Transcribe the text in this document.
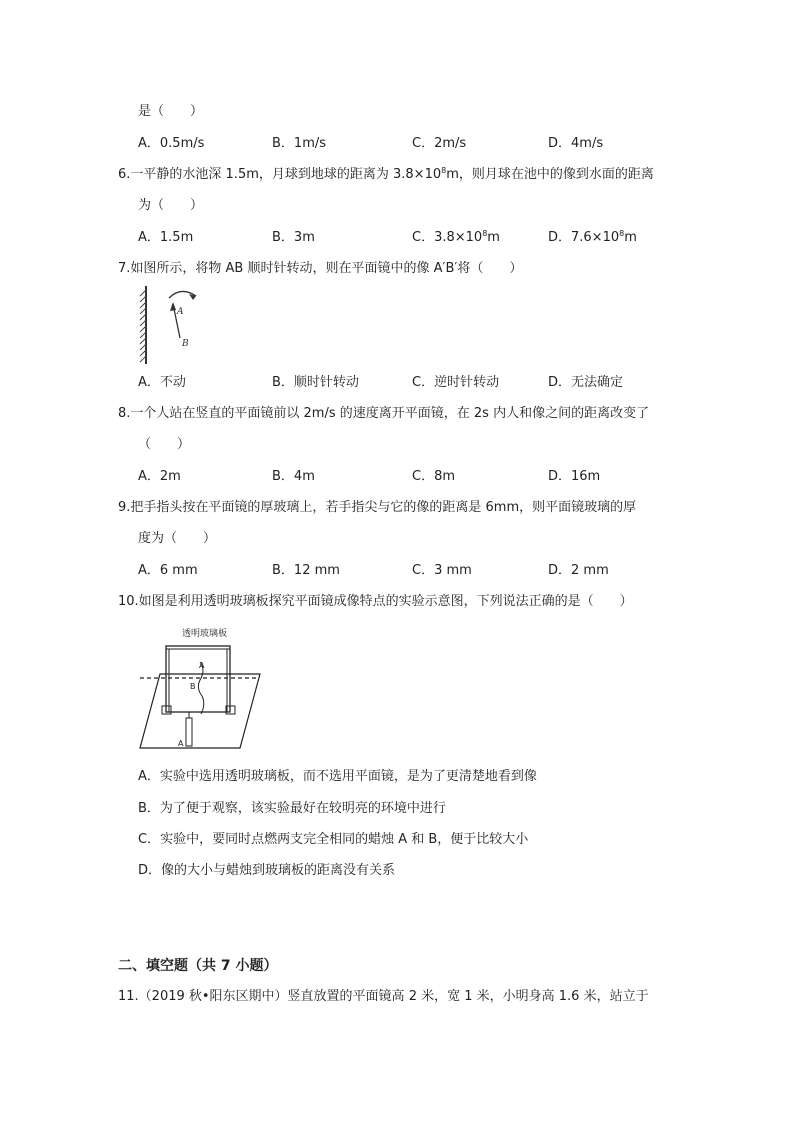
是（　　）
A．0.5m/s	B．1m/s	C．2m/s	D．4m/s
6.一平静的水池深 1.5m，月球到地球的距离为 $3.8\times 10^8m$，则月球在池中的像到水面的距离
为（　　）
A．1.5m	B．3m	C．$3.8\times 10^8m$	D．$7.6\times 10^8m$
7.如图所示，将物 AB 顺时针转动，则在平面镜中的像 A′B′将（　　）
A
B
A．不动	B．顺时针转动	C．逆时针转动	D．无法确定
8.一个人站在竖直的平面镜前以 2m/s 的速度离开平面镜，在 2s 内人和像之间的距离改变了
（　　）
A．2m	B．4m	C．8m	D．16m
9.把手指头按在平面镜的厚玻璃上，若手指尖与它的像的距离是 6mm，则平面镜玻璃的厚
度为（　　）
A．6 mm	B．12 mm	C．3 mm	D．2 mm
10.如图是利用透明玻璃板探究平面镜成像特点的实验示意图，下列说法正确的是（　　）
透明玻璃板
A
B
A
A．实验中选用透明玻璃板，而不选用平面镜，是为了更清楚地看到像
B．为了便于观察，该实验最好在较明亮的环境中进行
C．实验中，要同时点燃两支完全相同的蜡烛 A 和 B，便于比较大小
D．像的大小与蜡烛到玻璃板的距离没有关系
二、填空题（共 7 小题）
11.（2019 秋•阳东区期中）竖直放置的平面镜高 2 米，宽 1 米，小明身高 1.6 米，站立于
